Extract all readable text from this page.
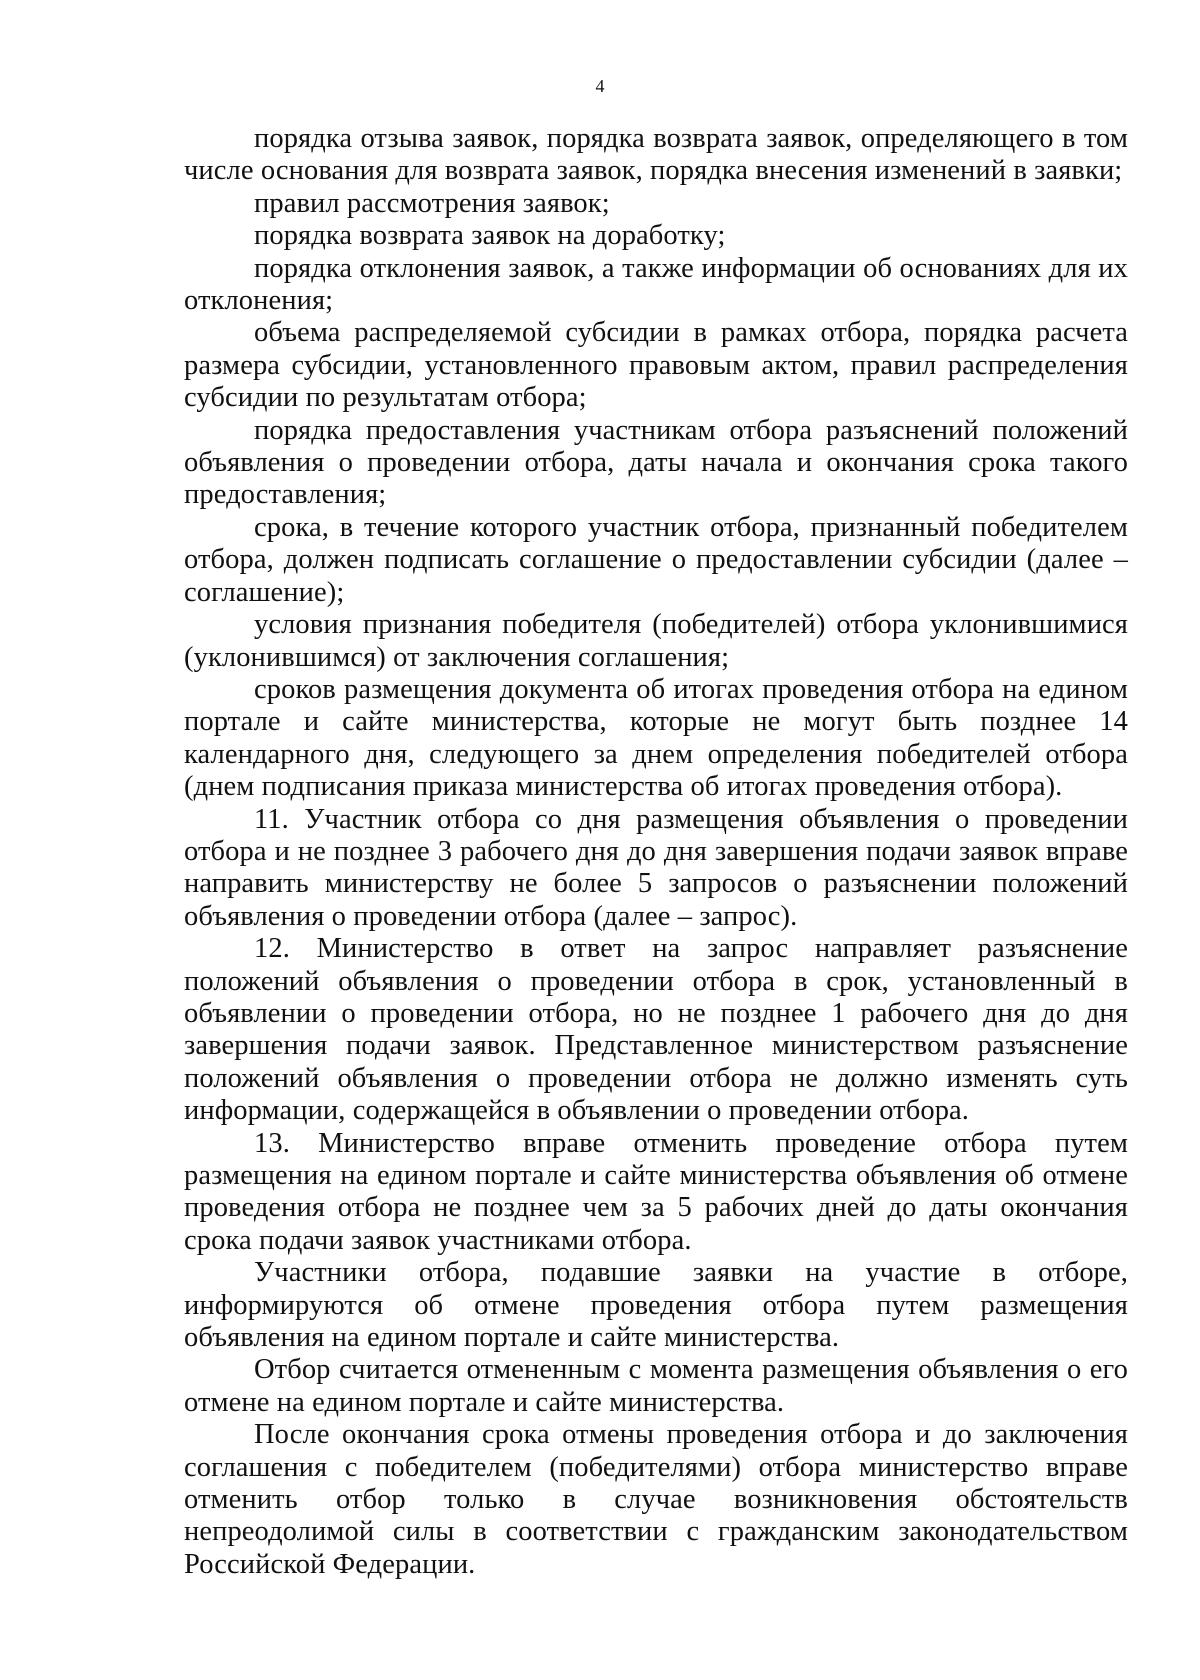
4

порядка отзыва заявок, порядка возврата заявок, определяющего в том числе основания для возврата заявок, порядка внесения изменений в заявки;

правил рассмотрения заявок;

порядка возврата заявок на доработку;

порядка отклонения заявок, а также информации об основаниях для их отклонения;

объема распределяемой субсидии в рамках отбора, порядка расчета размера субсидии, установленного правовым актом, правил распределения субсидии по результатам отбора;

порядка предоставления участникам отбора разъяснений положений объявления о проведении отбора, даты начала и окончания срока такого предоставления;

срока, в течение которого участник отбора, признанный победителем отбора, должен подписать соглашение о предоставлении субсидии (далее – соглашение);

условия признания победителя (победителей) отбора уклонившимися (уклонившимся) от заключения соглашения;

сроков размещения документа об итогах проведения отбора на едином портале и сайте министерства, которые не могут быть позднее 14 календарного дня, следующего за днем определения победителей отбора (днем подписания приказа министерства об итогах проведения отбора).

11. Участник отбора со дня размещения объявления о проведении отбора и не позднее 3 рабочего дня до дня завершения подачи заявок вправе направить министерству не более 5 запросов о разъяснении положений объявления о проведении отбора (далее – запрос).

12. Министерство в ответ на запрос направляет разъяснение положений объявления о проведении отбора в срок, установленный в объявлении о проведении отбора, но не позднее 1 рабочего дня до дня завершения подачи заявок. Представленное министерством разъяснение положений объявления о проведении отбора не должно изменять суть информации, содержащейся в объявлении о проведении отбора.

13. Министерство вправе отменить проведение отбора путем размещения на едином портале и сайте министерства объявления об отмене проведения отбора не позднее чем за 5 рабочих дней до даты окончания срока подачи заявок участниками отбора.

Участники отбора, подавшие заявки на участие в отборе, информируются об отмене проведения отбора путем размещения объявления на едином портале и сайте министерства.

Отбор считается отмененным с момента размещения объявления о его отмене на едином портале и сайте министерства.

После окончания срока отмены проведения отбора и до заключения соглашения с победителем (победителями) отбора министерство вправе отменить отбор только в случае возникновения обстоятельств непреодолимой силы в соответствии с гражданским законодательством Российской Федерации.
